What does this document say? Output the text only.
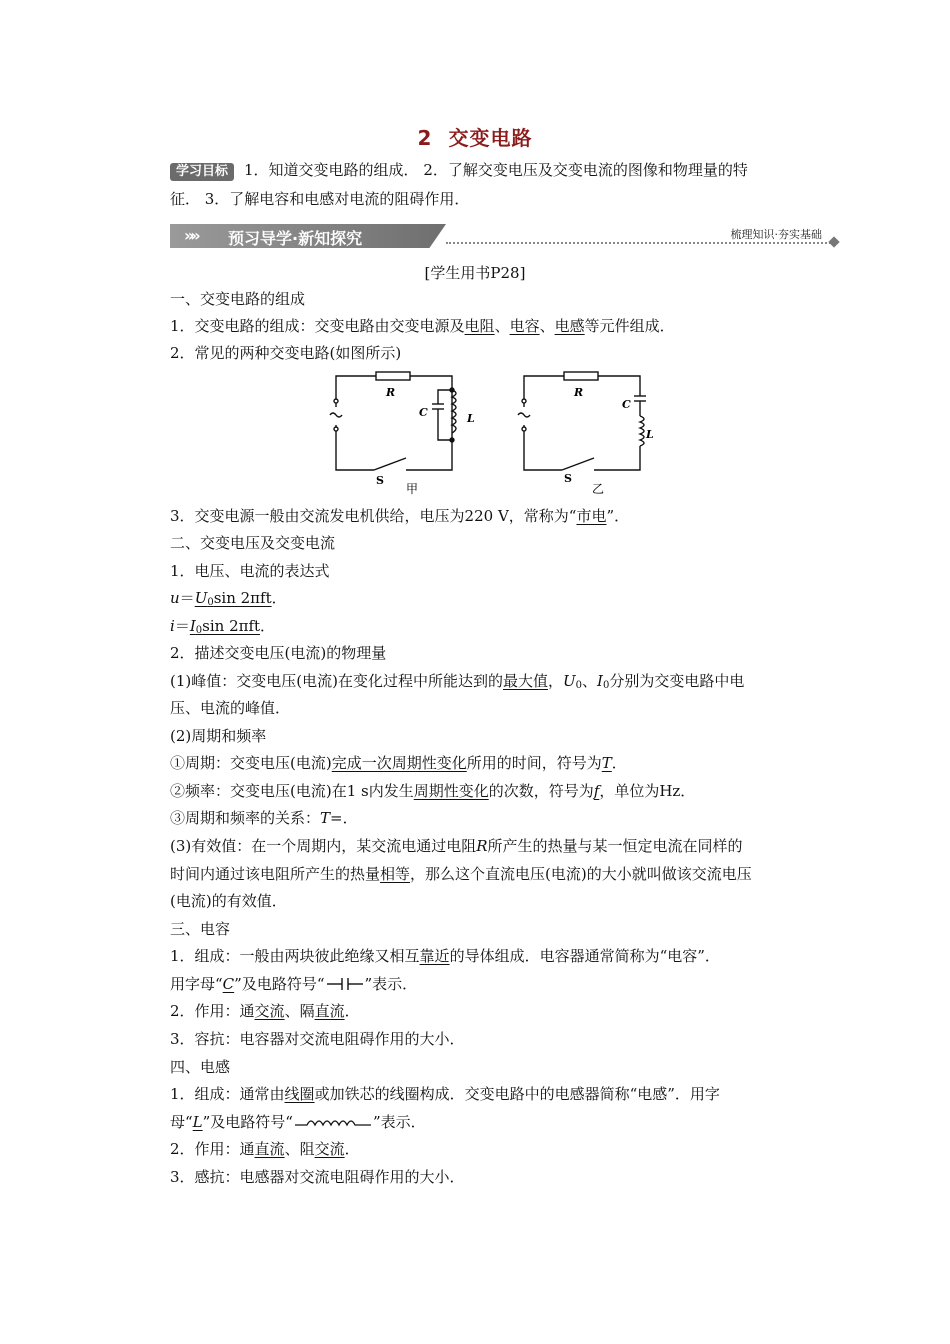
2 交变电路
学习目标 1．知道交变电路的组成． 2．了解交变电压及交变电流的图像和物理量的特
征． 3．了解电容和电感对电流的阻碍作用．
»» 预习导学·新知探究	梳理知识·夯实基础
[学生用书P28]
一、交变电路的组成
1．交变电路的组成：交变电路由交变电源及电阻、电容、电感等元件组成．
2．常见的两种交变电路(如图所示)
R
C	L
S
甲
R
C
L
S
乙
3．交变电源一般由交流发电机供给，电压为220 V，常称为“市电”．
二、交变电压及交变电流
1．电压、电流的表达式
$u=U_0\sin$ 2πft．
$i=I_0\sin$ 2πft．
2．描述交变电压(电流)的物理量
(1)峰值：交变电压(电流)在变化过程中所能达到的最大值，$U_0$、$I_0$分别为交变电路中电
压、电流的峰值．
(2)周期和频率
①周期：交变电压(电流)完成一次周期性变化所用的时间，符号为T．
②频率：交变电压(电流)在1 s内发生周期性变化的次数，符号为f，单位为Hz．
③周期和频率的关系：T=．
(3)有效值：在一个周期内，某交流电通过电阻R所产生的热量与某一恒定电流在同样的
时间内通过该电阻所产生的热量相等，那么这个直流电压(电流)的大小就叫做该交流电压
(电流)的有效值．
三、电容
1．组成：一般由两块彼此绝缘又相互靠近的导体组成．电容器通常简称为“电容”．
用字母“C”及电路符号“	”表示．
2．作用：通交流、隔直流．
3．容抗：电容器对交流电阻碍作用的大小．
四、电感
1．组成：通常由线圈或加铁芯的线圈构成．交变电路中的电感器简称“电感”．用字
母“L”及电路符号“	”表示．
2．作用：通直流、阻交流．
3．感抗：电感器对交流电阻碍作用的大小．
